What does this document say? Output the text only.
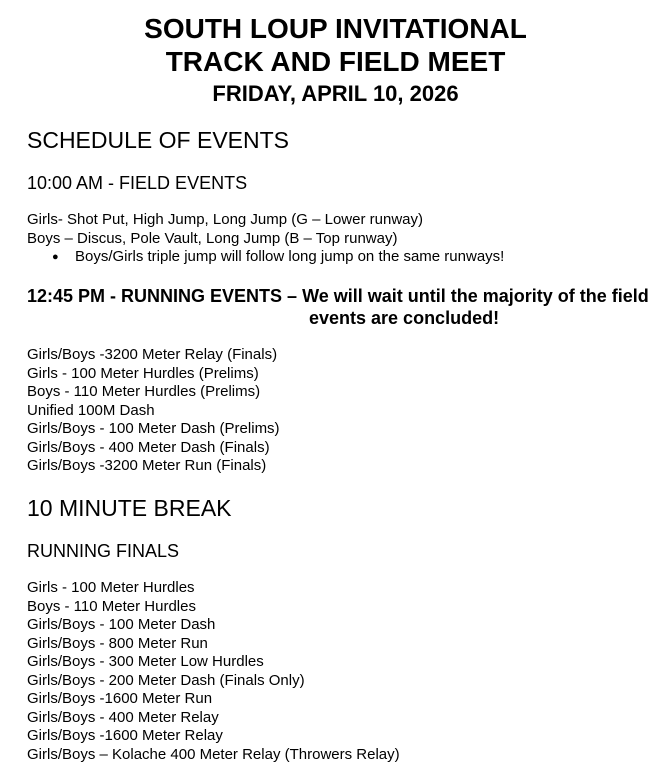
SOUTH LOUP INVITATIONAL
TRACK AND FIELD MEET
FRIDAY, APRIL 10, 2026
SCHEDULE OF EVENTS
10:00 AM - FIELD EVENTS
Girls- Shot Put, High Jump, Long Jump (G – Lower runway)
Boys – Discus, Pole Vault, Long Jump (B – Top runway)
● Boys/Girls triple jump will follow long jump on the same runways!
12:45 PM - RUNNING EVENTS – We will wait until the majority of the field
events are concluded!
Girls/Boys -3200 Meter Relay (Finals)
Girls - 100 Meter Hurdles (Prelims)
Boys - 110 Meter Hurdles (Prelims)
Unified 100M Dash
Girls/Boys - 100 Meter Dash (Prelims)
Girls/Boys - 400 Meter Dash (Finals)
Girls/Boys -3200 Meter Run (Finals)
10 MINUTE BREAK
RUNNING FINALS
Girls - 100 Meter Hurdles
Boys - 110 Meter Hurdles
Girls/Boys - 100 Meter Dash
Girls/Boys - 800 Meter Run
Girls/Boys - 300 Meter Low Hurdles
Girls/Boys - 200 Meter Dash (Finals Only)
Girls/Boys -1600 Meter Run
Girls/Boys - 400 Meter Relay
Girls/Boys -1600 Meter Relay
Girls/Boys – Kolache 400 Meter Relay (Throwers Relay)
